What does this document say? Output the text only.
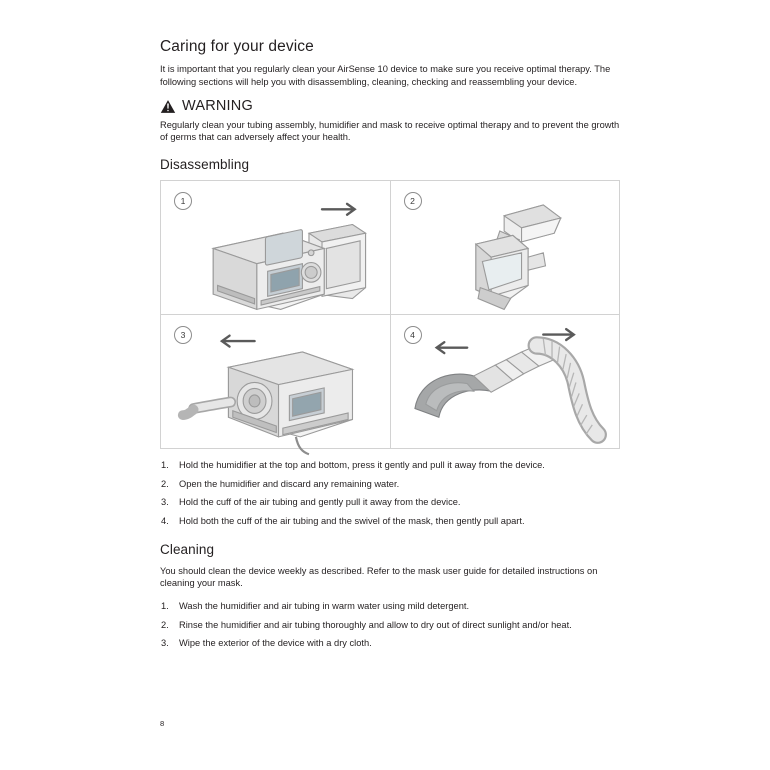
Caring for your device

It is important that you regularly clean your AirSense 10 device to make sure you receive optimal therapy. The following sections will help you with disassembling, cleaning, checking and reassembling your device.

WARNING

Regularly clean your tubing assembly, humidifier and mask to receive optimal therapy and to prevent the growth of germs that can adversely affect your health.

Disassembling
1	2

3	4
1. Hold the humidifier at the top and bottom, press it gently and pull it away from the device.
2. Open the humidifier and discard any remaining water.
3. Hold the cuff of the air tubing and gently pull it away from the device.
4. Hold both the cuff of the air tubing and the swivel of the mask, then gently pull apart.
Cleaning

You should clean the device weekly as described. Refer to the mask user guide for detailed instructions on cleaning your mask.

1. Wash the humidifier and air tubing in warm water using mild detergent.
2. Rinse the humidifier and air tubing thoroughly and allow to dry out of direct sunlight and/or heat.
3. Wipe the exterior of the device with a dry cloth.
8
